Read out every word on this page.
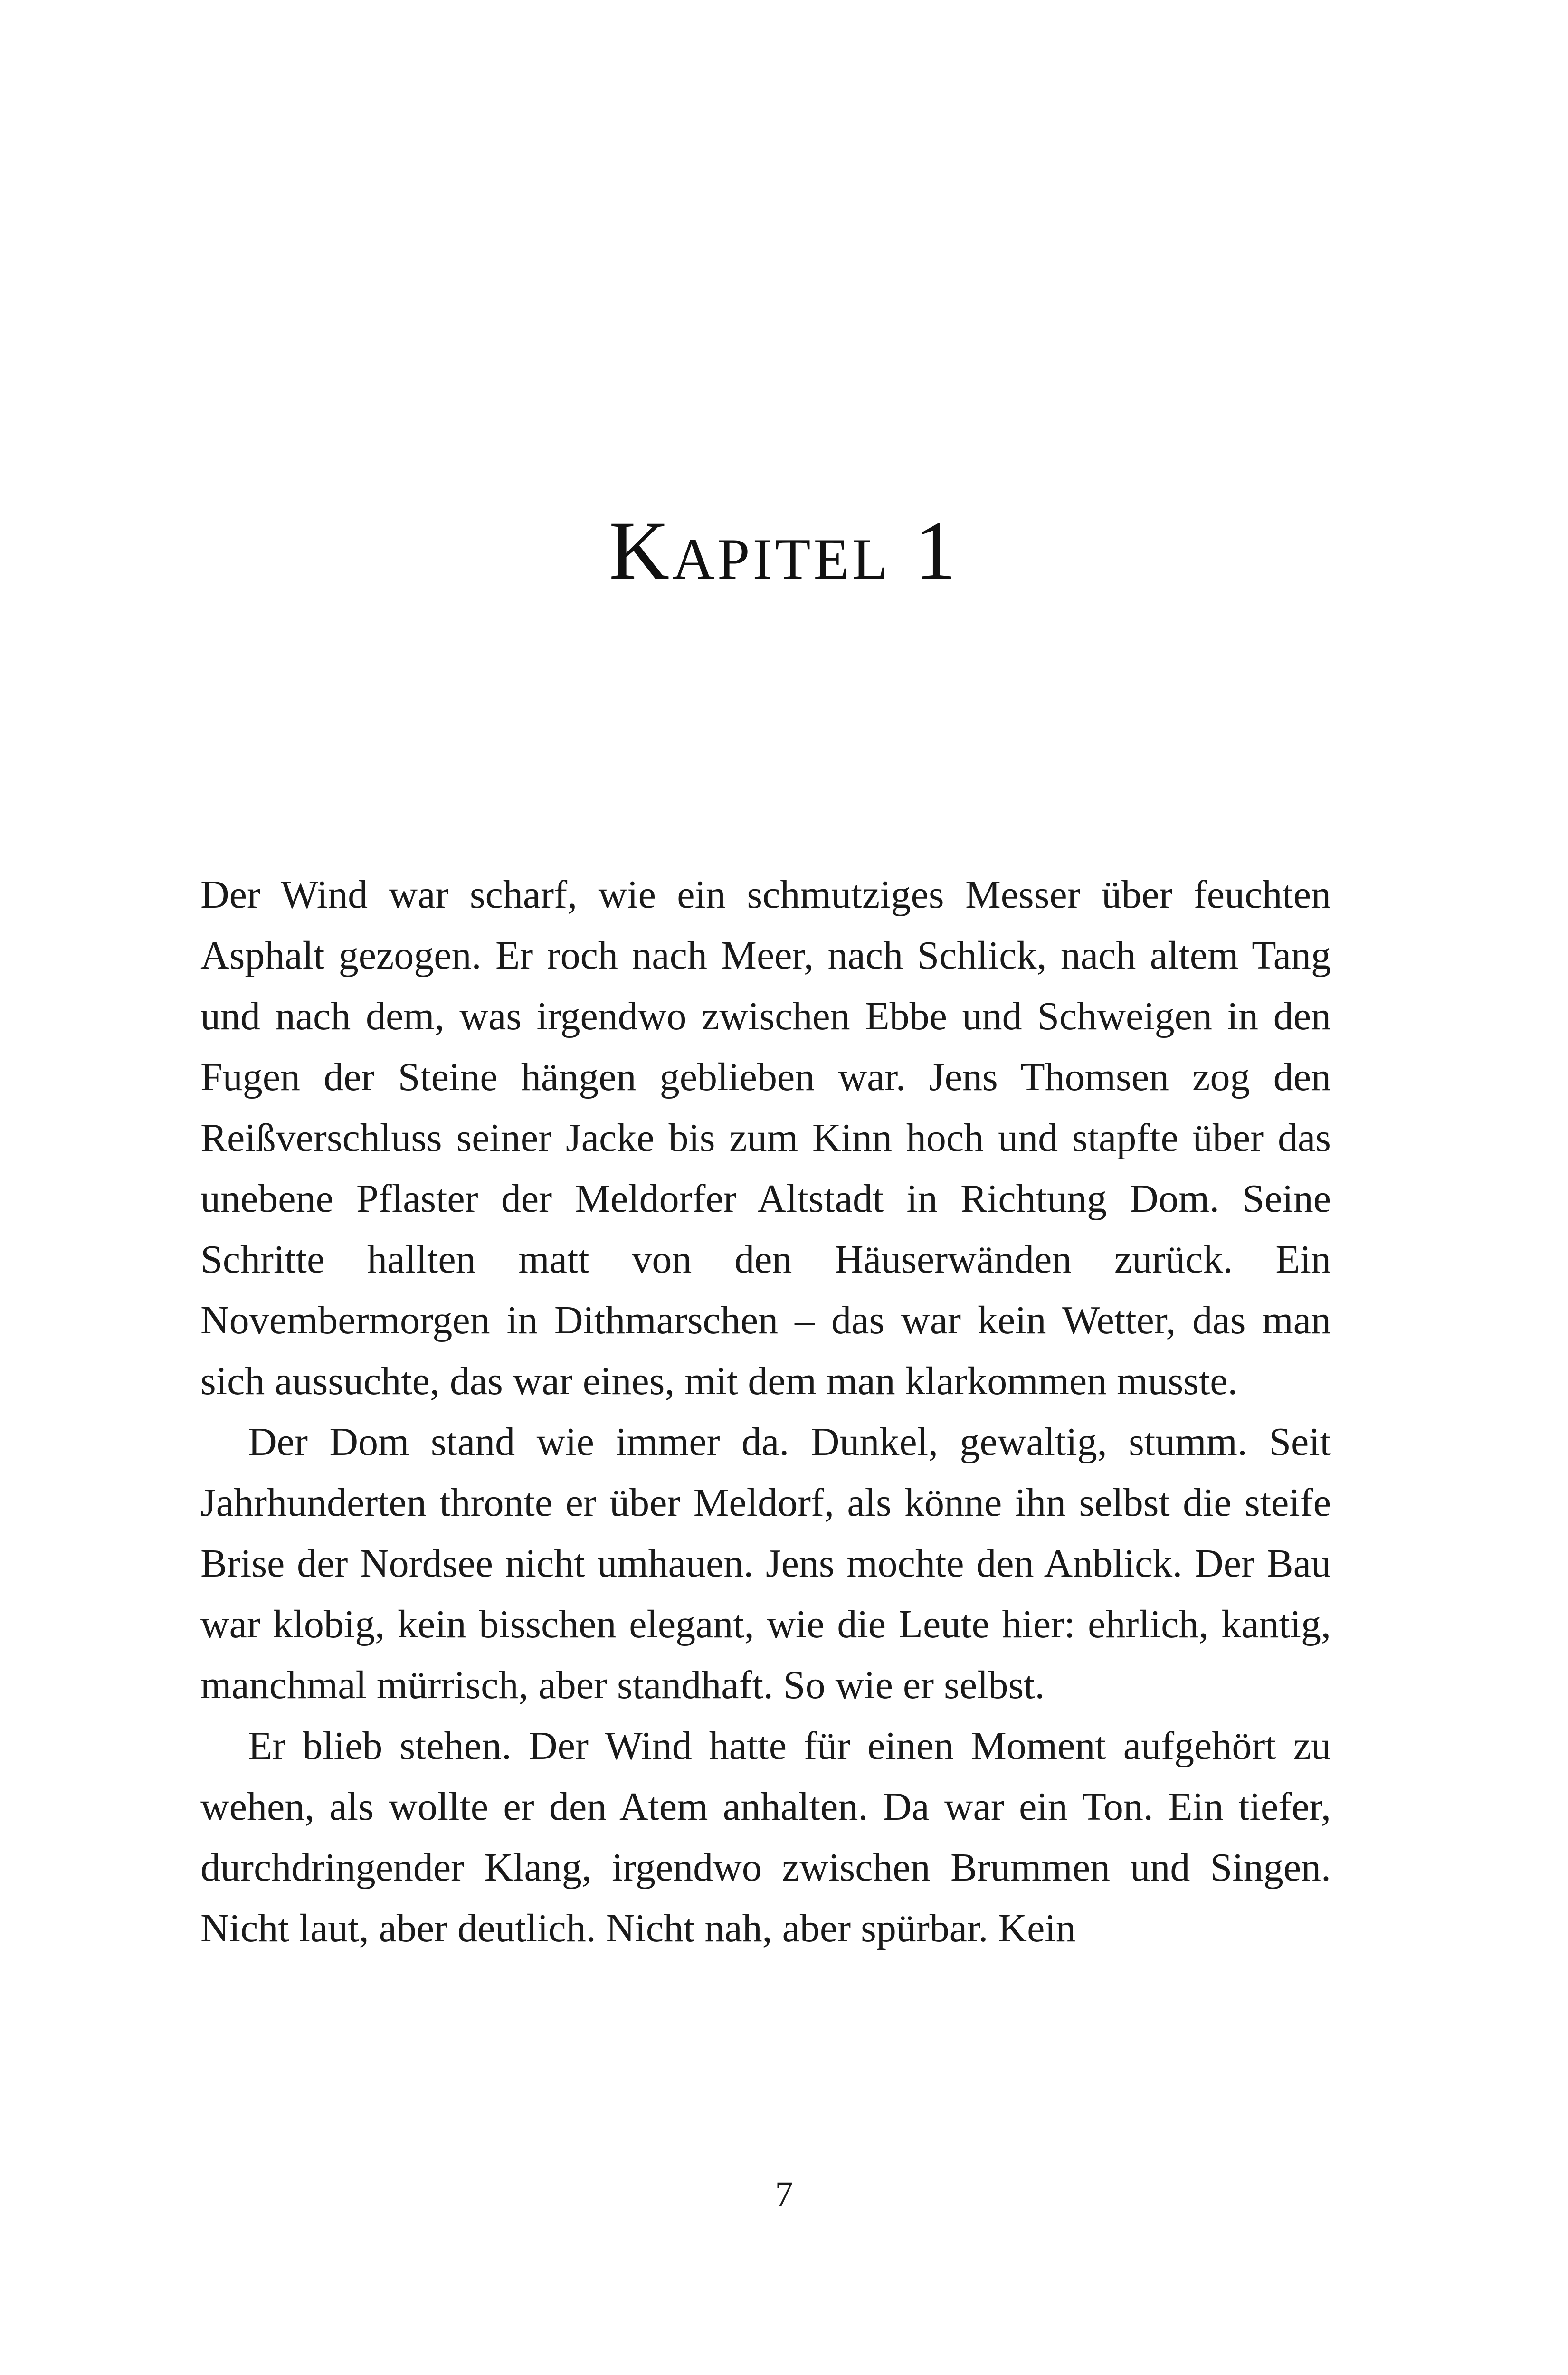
Kapitel 1

Der Wind war scharf, wie ein schmutziges Messer über feuchten Asphalt gezogen. Er roch nach Meer, nach Schlick, nach altem Tang und nach dem, was irgendwo zwischen Ebbe und Schweigen in den Fugen der Steine hängen geblieben war. Jens Thomsen zog den Reißverschluss seiner Jacke bis zum Kinn hoch und stapfte über das unebene Pflaster der Meldorfer Altstadt in Richtung Dom. Seine Schritte hallten matt von den Häuserwänden zurück. Ein Novembermorgen in Dithmarschen – das war kein Wetter, das man sich aussuchte, das war eines, mit dem man klarkommen musste.

Der Dom stand wie immer da. Dunkel, gewaltig, stumm. Seit Jahrhunderten thronte er über Meldorf, als könne ihn selbst die steife Brise der Nordsee nicht umhauen. Jens mochte den Anblick. Der Bau war klobig, kein bisschen elegant, wie die Leute hier: ehrlich, kantig, manchmal mürrisch, aber standhaft. So wie er selbst.

Er blieb stehen. Der Wind hatte für einen Moment aufgehört zu wehen, als wollte er den Atem anhalten. Da war ein Ton. Ein tiefer, durchdringender Klang, irgendwo zwischen Brummen und Singen. Nicht laut, aber deutlich. Nicht nah, aber spürbar. Kein

7
